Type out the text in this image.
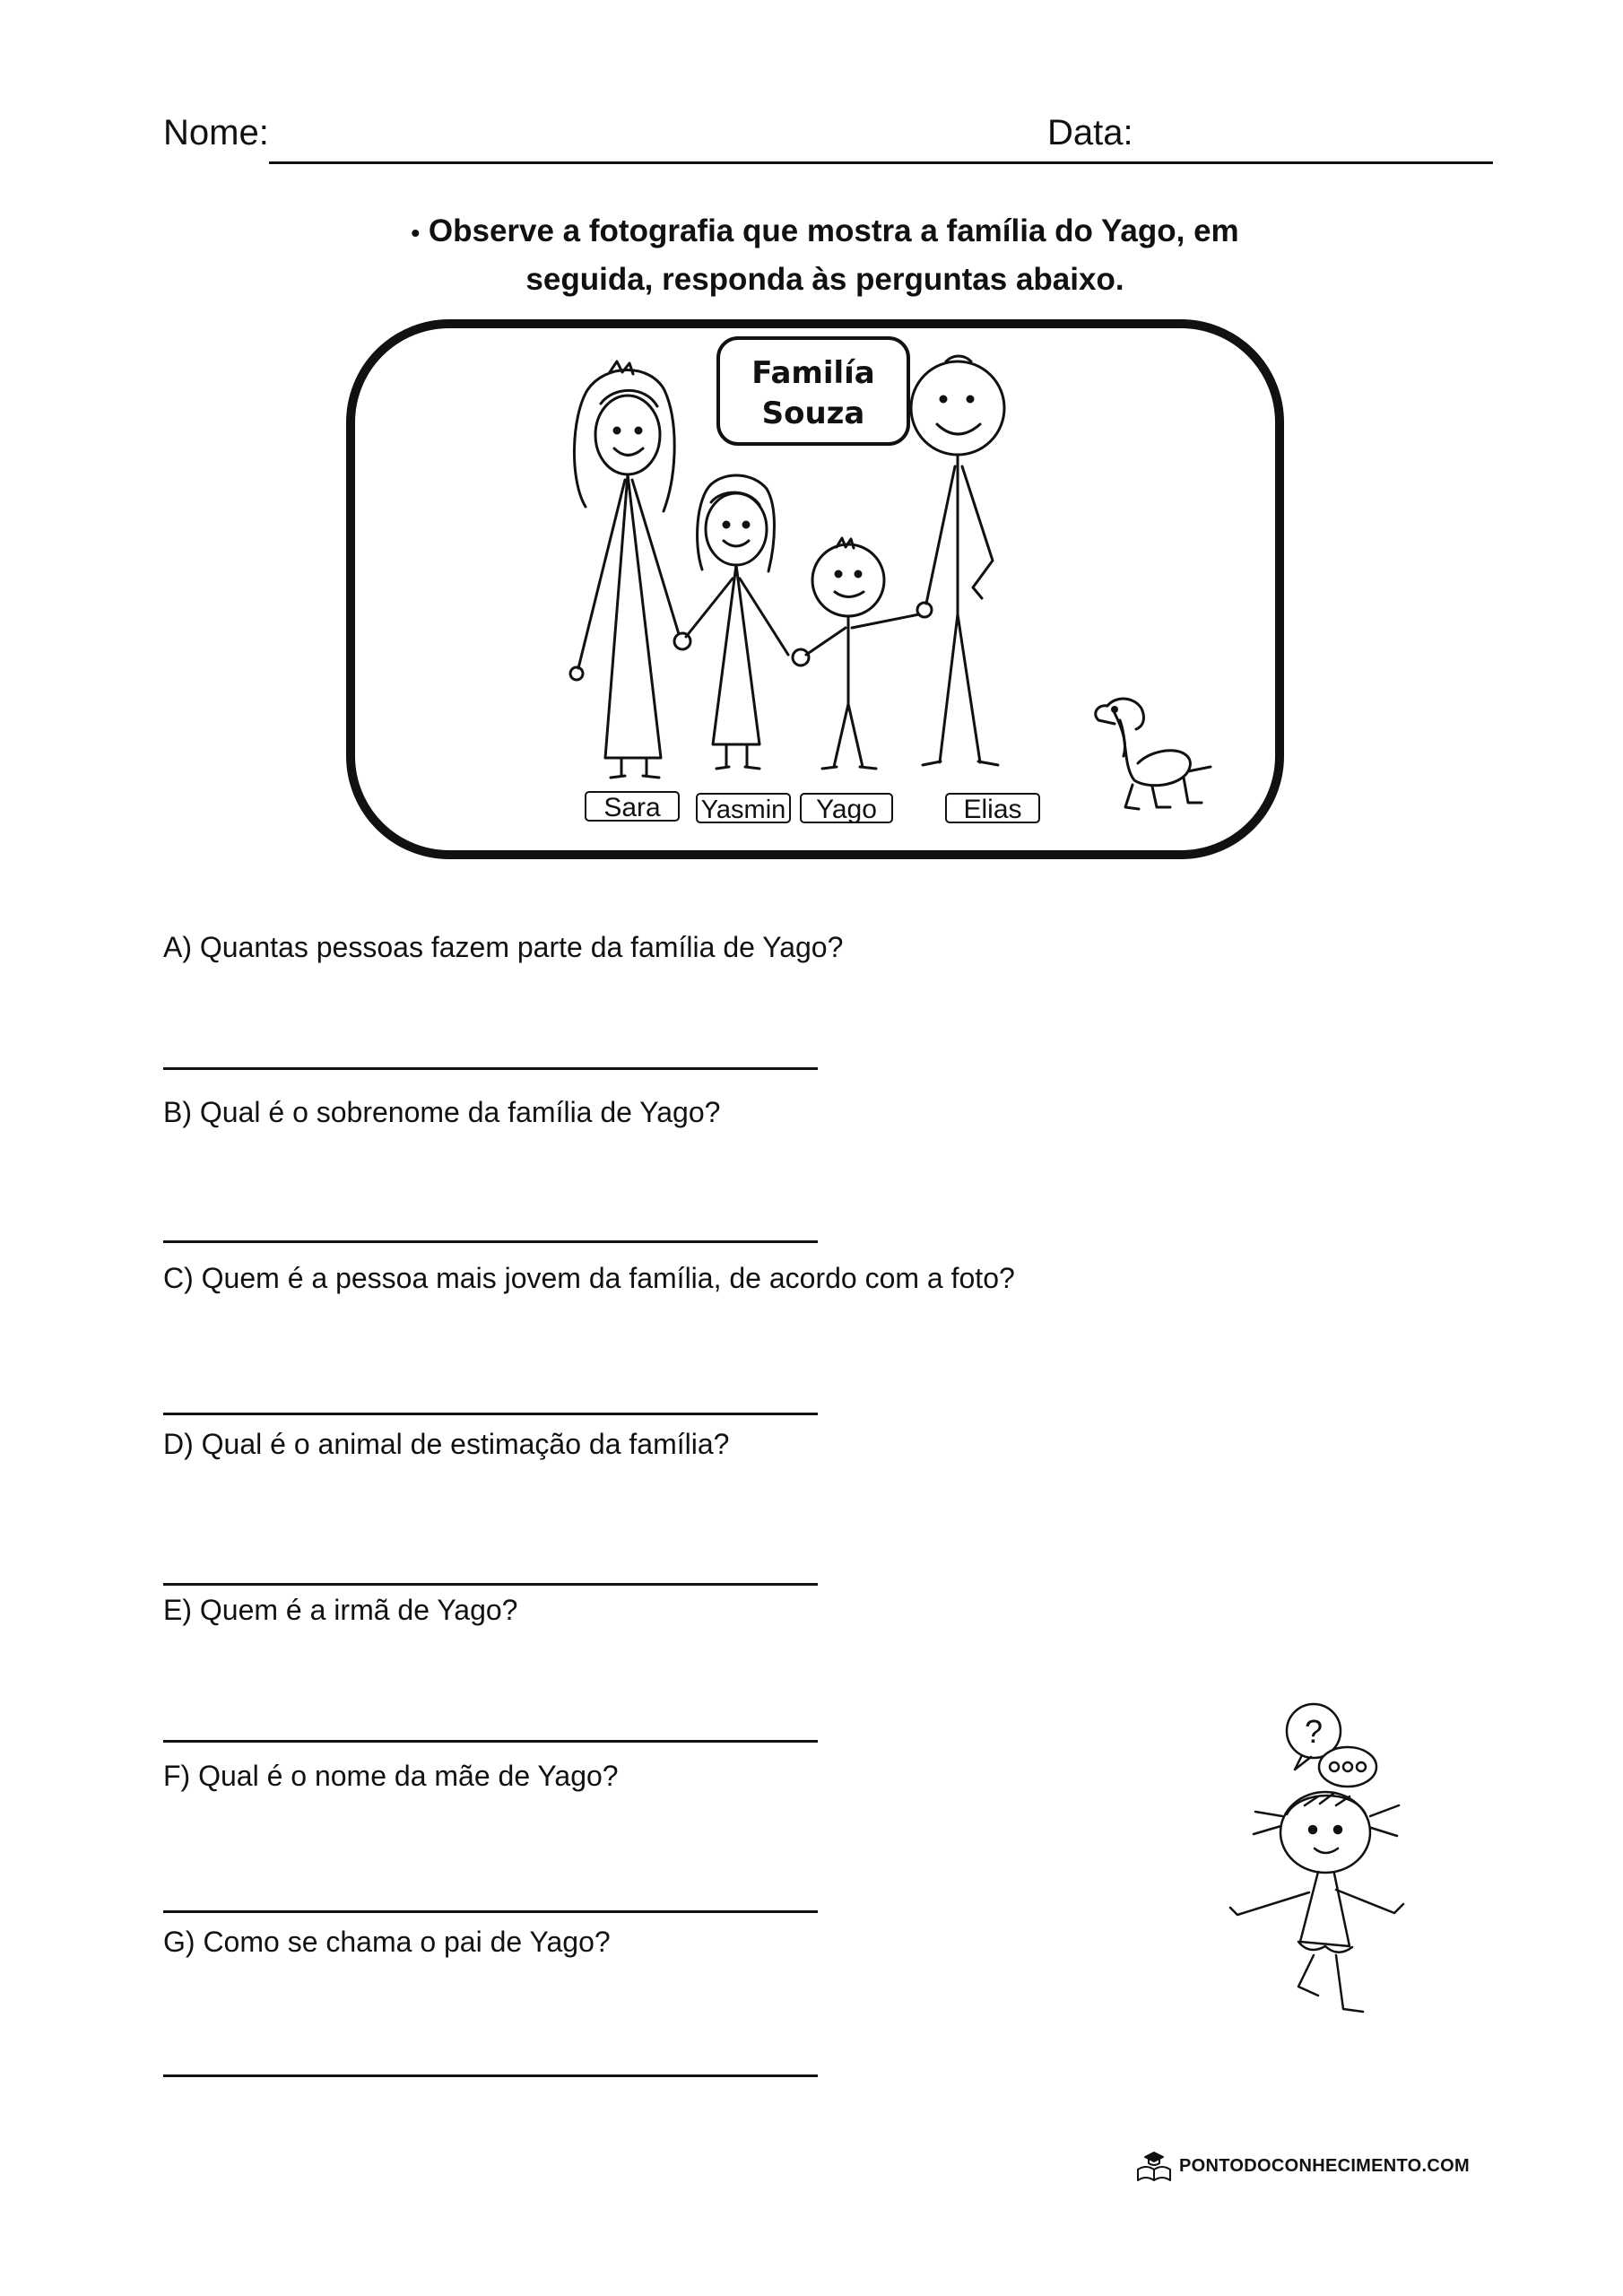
Nome:	Data:
• Observe a fotografia que mostra a família do Yago, em
seguida, responda às perguntas abaixo.
Familía
Souza
Sara Yasmin Yago	Elias
A) Quantas pessoas fazem parte da família de Yago?
B) Qual é o sobrenome da família de Yago?
C) Quem é a pessoa mais jovem da família, de acordo com a foto?
D) Qual é o animal de estimação da família?
E) Quem é a irmã de Yago?
F) Qual é o nome da mãe de Yago?
G) Como se chama o pai de Yago?
?
PONTODOCONHECIMENTO.COM
